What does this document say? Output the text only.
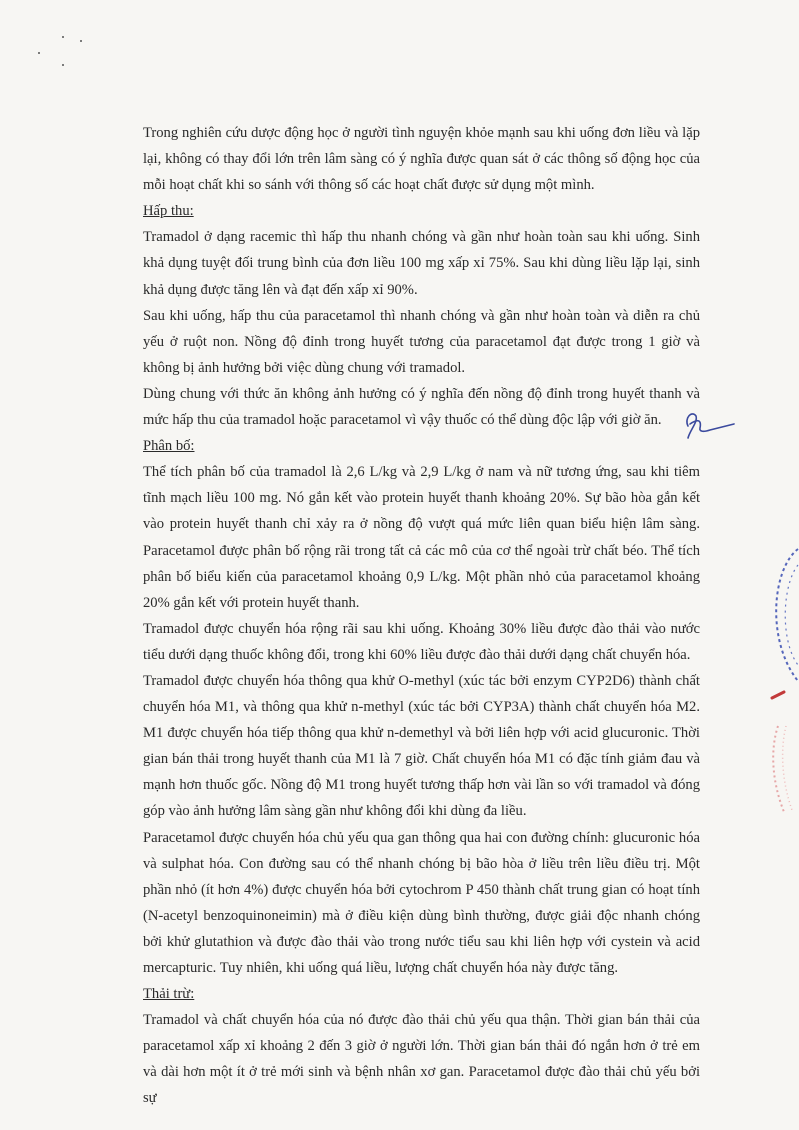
Trong nghiên cứu dược động học ở người tình nguyện khỏe mạnh sau khi uống đơn liều và lặp lại, không có thay đổi lớn trên lâm sàng có ý nghĩa được quan sát ở các thông số động học của mỗi hoạt chất khi so sánh với thông số các hoạt chất được sử dụng một mình.

Hấp thu:

Tramadol ở dạng racemic thì hấp thu nhanh chóng và gần như hoàn toàn sau khi uống. Sinh khả dụng tuyệt đối trung bình của đơn liều 100 mg xấp xỉ 75%. Sau khi dùng liều lặp lại, sinh khả dụng được tăng lên và đạt đến xấp xỉ 90%.

Sau khi uống, hấp thu của paracetamol thì nhanh chóng và gần như hoàn toàn và diễn ra chủ yếu ở ruột non. Nồng độ đỉnh trong huyết tương của paracetamol đạt được trong 1 giờ và không bị ảnh hưởng bởi việc dùng chung với tramadol.

Dùng chung với thức ăn không ảnh hưởng có ý nghĩa đến nồng độ đỉnh trong huyết thanh và mức hấp thu của tramadol hoặc paracetamol vì vậy thuốc có thể dùng độc lập với giờ ăn.

Phân bố:

Thể tích phân bố của tramadol là 2,6 L/kg và 2,9 L/kg ở nam và nữ tương ứng, sau khi tiêm tĩnh mạch liều 100 mg. Nó gắn kết vào protein huyết thanh khoảng 20%. Sự bão hòa gắn kết vào protein huyết thanh chỉ xảy ra ở nồng độ vượt quá mức liên quan biểu hiện lâm sàng. Paracetamol được phân bố rộng rãi trong tất cả các mô của cơ thể ngoài trừ chất béo. Thể tích phân bố biểu kiến của paracetamol khoảng 0,9 L/kg. Một phần nhỏ của paracetamol khoảng 20% gắn kết với protein huyết thanh.

Tramadol được chuyển hóa rộng rãi sau khi uống. Khoảng 30% liều được đào thải vào nước tiểu dưới dạng thuốc không đổi, trong khi 60% liều được đào thải dưới dạng chất chuyển hóa.

Tramadol được chuyển hóa thông qua khử O-methyl (xúc tác bởi enzym CYP2D6) thành chất chuyển hóa M1, và thông qua khử n-methyl (xúc tác bởi CYP3A) thành chất chuyển hóa M2. M1 được chuyển hóa tiếp thông qua khử n-demethyl và bởi liên hợp với acid glucuronic. Thời gian bán thải trong huyết thanh của M1 là 7 giờ. Chất chuyển hóa M1 có đặc tính giảm đau và mạnh hơn thuốc gốc. Nồng độ M1 trong huyết tương thấp hơn vài lần so với tramadol và đóng góp vào ảnh hưởng lâm sàng gần như không đổi khi dùng đa liều.

Paracetamol được chuyển hóa chủ yếu qua gan thông qua hai con đường chính: glucuronic hóa và sulphat hóa. Con đường sau có thể nhanh chóng bị bão hòa ở liều trên liều điều trị. Một phần nhỏ (ít hơn 4%) được chuyển hóa bởi cytochrom P 450 thành chất trung gian có hoạt tính (N-acetyl benzoquinoneimin) mà ở điều kiện dùng bình thường, được giải độc nhanh chóng bởi khử glutathion và được đào thải vào trong nước tiểu sau khi liên hợp với cystein và acid mercapturic. Tuy nhiên, khi uống quá liều, lượng chất chuyển hóa này được tăng.

Thải trừ:

Tramadol và chất chuyển hóa của nó được đào thải chủ yếu qua thận. Thời gian bán thải của paracetamol xấp xỉ khoảng 2 đến 3 giờ ở người lớn. Thời gian bán thải đó ngắn hơn ở trẻ em và dài hơn một ít ở trẻ mới sinh và bệnh nhân xơ gan. Paracetamol được đào thải chủ yếu bởi sự
